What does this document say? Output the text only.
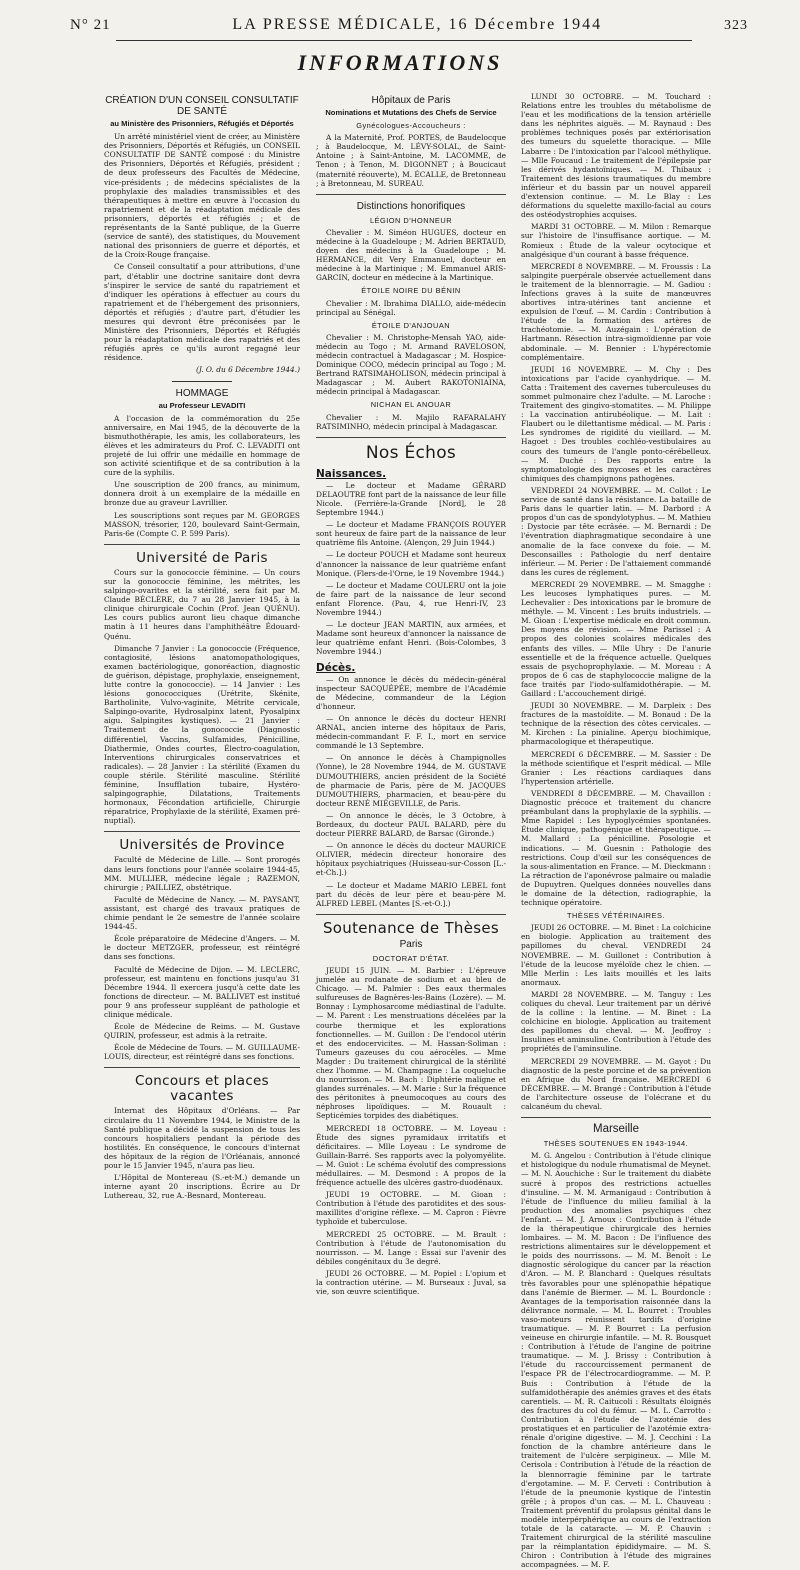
N° 21	LA PRESSE MÉDICALE, 16 Décembre 1944	323
INFORMATIONS
CRÉATION D'UN CONSEIL CONSULTATIF DE SANTÉ
au Ministère des Prisonniers, Réfugiés et Déportés

Un arrêté ministériel vient de créer, au Ministère des Prisonniers, Déportés et Réfugiés, un CONSEIL CONSULTATIF DE SANTÉ composé : du Ministre des Prisonniers, Déportés et Réfugiés, président ; de deux professeurs des Facultés de Médecine, vice-présidents ; de médecins spécialistes de la prophylaxie des maladies transmissibles et des thérapeutiques à mettre en œuvre à l'occasion du rapatriement et de la réadaptation médicale des prisonniers, déportés et réfugiés ; et de représentants de la Santé publique, de la Guerre (service de santé), des statistiques, du Mouvement national des prisonniers de guerre et déportés, et de la Croix-Rouge française.

Ce Conseil consultatif a pour attributions, d'une part, d'établir une doctrine sanitaire dont devra s'inspirer le service de santé du rapatriement et d'indiquer les opérations à effectuer au cours du rapatriement et de l'hébergement des prisonniers, déportés et réfugiés ; d'autre part, d'étudier les mesures qui devront être préconisées par le Ministère des Prisonniers, Déportés et Réfugiés pour la réadaptation médicale des rapatriés et des réfugiés après ce qu'ils auront regagné leur résidence.

(J. O. du 6 Décembre 1944.)

HOMMAGE
au Professeur LEVADITI

A l'occasion de la commémoration du 25e anniversaire, en Mai 1945, de la découverte de la bismuthothérapie, les amis, les collaborateurs, les élèves et les admirateurs du Prof. C. LEVADITI ont projeté de lui offrir une médaille en hommage de son activité scientifique et de sa contribution à la cure de la syphilis.

Une souscription de 200 francs, au minimum, donnera droit à un exemplaire de la médaille en bronze due au graveur Lavrillier.

Les souscriptions sont reçues par M. GEORGES MASSON, trésorier, 120, boulevard Saint-Germain, Paris-6e (Compte C. P. 599 Paris).

Université de Paris

Cours sur la gonococcie féminine. — Un cours sur la gonococcie féminine, les métrites, les salpingo-ovarites et la stérilité, sera fait par M. Claude BÉCLÈRE, du 7 au 28 Janvier 1945, à la clinique chirurgicale Cochin (Prof. Jean QUÉNU). Les cours publics auront lieu chaque dimanche matin à 11 heures dans l'amphithéâtre Édouard-Quénu.

Dimanche 7 Janvier : La gonococcie (Fréquence, contagiosité, lésions anatomopathologiques, examen bactériologique, gonoréaction, diagnostic de guérison, dépistage, prophylaxie, enseignement, lutte contre la gonococcie). — 14 Janvier : Les lésions gonococciques (Urétrite, Skénite, Bartholinite, Vulvo-vaginite, Métrite cervicale, Salpingo-ovarite, Hydrosalpinx latent, Pyosalpinx aigu. Salpingites kystiques). — 21 Janvier : Traitement de la gonococcie (Diagnostic différentiel, Vaccins, Sulfamides, Pénicilline, Diathermie, Ondes courtes, Électro-coagulation, Interventions chirurgicales conservatrices et radicales). — 28 Janvier : La stérilité (Examen du couple stérile. Stérilité masculine. Stérilité féminine, Insufflation tubaire, Hystéro-salpingographie, Dilatations, Traitements hormonaux, Fécondation artificielle, Chirurgie réparatrice, Prophylaxie de la stérilité, Examen pré-nuptial).

Universités de Province

Faculté de Médecine de Lille. — Sont prorogés dans leurs fonctions pour l'année scolaire 1944-45, MM. MULLIER, médecine légale ; RAZEMON, chirurgie ; PAILLIEZ, obstétrique.

Faculté de Médecine de Nancy. — M. PAYSANT, assistant, est chargé des travaux pratiques de chimie pendant le 2e semestre de l'année scolaire 1944-45.

École préparatoire de Médecine d'Angers. — M. le docteur METZGER, professeur, est réintégré dans ses fonctions.

Faculté de Médecine de Dijon. — M. LECLERC, professeur, est maintenu en fonctions jusqu'au 31 Décembre 1944. Il exercera jusqu'à cette date les fonctions de directeur. — M. BALLIVET est institué pour 9 ans professeur suppléant de pathologie et clinique médicale.

École de Médecine de Reims. — M. Gustave QUIRIN, professeur, est admis à la retraite.

École de Médecine de Tours. — M. GUILLAUME-LOUIS, directeur, est réintégré dans ses fonctions.

Concours et places vacantes

Internat des Hôpitaux d'Orléans. — Par circulaire du 11 Novembre 1944, le Ministre de la Santé publique a décidé la suspension de tous les concours hospitaliers pendant la période des hostilités. En conséquence, le concours d'internat des hôpitaux de la région de l'Orléanais, annoncé pour le 15 Janvier 1945, n'aura pas lieu.

L'Hôpital de Montereau (S.-et-M.) demande un interne ayant 20 inscriptions. Écrire au Dr Luthereau, 32, rue A.-Besnard, Montereau.

Hôpitaux de Paris
Nominations et Mutations des Chefs de Service
Gynécologues-Accoucheurs :

A la Maternité, Prof. PORTES, de Baudelocque ; à Baudelocque, M. LÉVY-SOLAL, de Saint-Antoine ; à Saint-Antoine, M. LACOMME, de Tenon ; à Tenon, M. DIGONNET ; à Boucicaut (maternité réouverte), M. ÉCALLE, de Bretonneau ; à Bretonneau, M. SUREAU.

Distinctions honorifiques
LÉGION D'HONNEUR

Chevalier : M. Siméon HUGUES, docteur en médecine à la Guadeloupe ; M. Adrien BERTAUD, doyen des médecins à la Guadeloupe ; M. HERMANCE, dit Very Emmanuel, docteur en médecine à la Martinique ; M. Emmanuel ARIS-GARCIN, docteur en médecine à la Martinique.

ÉTOILE NOIRE DU BÉNIN

Chevalier : M. Ibrahima DIALLO, aide-médecin principal au Sénégal.

ÉTOILE D'ANJOUAN

Chevalier : M. Christophe-Mensah YAO, aide-médecin au Togo ; M. Armand RAVELOSON, médecin contractuel à Madagascar ; M. Hospice-Dominique COCO, médecin principal au Togo ; M. Bertrand RATSIMAHOLISON, médecin principal à Madagascar ; M. Aubert RAKOTONIAINA, médecin principal à Madagascar.

NICHAN EL ANOUAR

Chevalier : M. Majilo RAFARALAHY RATSIMINHO, médecin principal à Madagascar.

Nos Échos
Naissances.

— Le docteur et Madame GÉRARD DELAOUTRE font part de la naissance de leur fille Nicole. (Ferrière-la-Grande [Nord], le 28 Septembre 1944.)

— Le docteur et Madame FRANÇOIS ROUYER sont heureux de faire part de la naissance de leur quatrième fils Antoine. (Alençon, 29 Juin 1944.)

— Le docteur POUCH et Madame sont heureux d'annoncer la naissance de leur quatrième enfant Monique. (Flers-de-l'Orne, le 19 Novembre 1944.)

— Le docteur et Madame COULERU ont la joie de faire part de la naissance de leur second enfant Florence. (Pau, 4, rue Henri-IV, 23 Novembre 1944.)

— Le docteur JEAN MARTIN, aux armées, et Madame sont heureux d'annoncer la naissance de leur quatrième enfant Henri. (Bois-Colombes, 3 Novembre 1944.)

Décès.

— On annonce le décès du médecin-général inspecteur SACQUÉPÉE, membre de l'Académie de Médecine, commandeur de la Légion d'honneur.

— On annonce le décès du docteur HENRI ARNAL, ancien interne des hôpitaux de Paris, médecin-commandant F. F. I., mort en service commandé le 13 Septembre.

— On annonce le décès à Champignolles (Yonne), le 28 Novembre 1944, de M. GUSTAVE DUMOUTHIERS, ancien président de la Société de pharmacie de Paris, père de M. JACQUES DUMOUTHIERS, pharmacien, et beau-père du docteur RENÉ MIÉGEVILLE, de Paris.

— On annonce le décès, le 3 Octobre, à Bordeaux, du docteur PAUL BALARD, père du docteur PIERRE BALARD, de Barsac (Gironde.)

— On annonce le décès du docteur MAURICE OLIVIER, médecin directeur honoraire des hôpitaux psychiatriques (Huisseau-sur-Cosson [L.-et-Ch.].)

— Le docteur et Madame MARIO LEBEL font part du décès de leur père et beau-père M. ALFRED LEBEL (Mantes [S.-et-O.].)

Soutenance de Thèses
Paris
DOCTORAT D'ÉTAT.

JEUDI 15 JUIN. — M. Barbier : L'épreuve jumelée au rodanate de sodium et au bleu de Chicago. — M. Palmier : Des eaux thermales sulfureuses de Bagnères-les-Bains (Lozère). — M. Bonnay : Lymphosarcome médiastinal de l'adulte. — M. Parent : Les menstruations décelées par la courbe thermique et les explorations fonctionnelles. — M. Guillon : De l'endocol utérin et des endocervicites. — M. Hassan-Soliman : Tumeurs gazeuses du cou aérocèles. — Mme Magder : Du traitement chirurgical de la stérilité chez l'homme. — M. Champagne : La coqueluche du nourrisson. — M. Bach : Diphtérie maligne et glandes surrénales. — M. Marie : Sur la fréquence des péritonites à pneumocoques au cours des néphroses lipoïdiques. — M. Rouault : Septicémies torpides des diabétiques.

MERCREDI 18 OCTOBRE. — M. Loyeau : Étude des signes pyramidaux irritatifs et déficitaires. — Mlle Loyeau : Le syndrome de Guillain-Barré. Ses rapports avec la polyomyélite. — M. Guiot : Le schéma évolutif des compressions médullaires. — M. Desmond : A propos de la fréquence actuelle des ulcères gastro-duodénaux.

JEUDI 19 OCTOBRE. — M. Gioan : Contribution à l'étude des parotidites et des sous-maxillites d'origine réflexe. — M. Capron : Fièvre typhoïde et tuberculose.

MERCREDI 25 OCTOBRE. — M. Brault : Contribution à l'étude de l'autonomisation du nourrisson. — M. Lange : Essai sur l'avenir des débiles congénitaux du 3e degré.

JEUDI 26 OCTOBRE. — M. Popiel : L'opium et la contraction utérine. — M. Burseaux : Juval, sa vie, son œuvre scientifique.

LUNDI 30 OCTOBRE. — M. Touchard : Relations entre les troubles du métabolisme de l'eau et les modifications de la tension artérielle dans les néphrites aiguës. — M. Raynaud : Des problèmes techniques posés par extériorisation des tumeurs du squelette thoracique. — Mlle Labarre : De l'intoxication par l'alcool méthylique. — Mlle Foucaud : Le traitement de l'épilepsie par les dérivés hydantoïniques. — M. Thibaux : Traitement des lésions traumatiques du membre inférieur et du bassin par un nouvel appareil d'extension continue. — M. Le Blay : Les déformations du squelette maxillo-facial au cours des ostéodystrophies acquises.

MARDI 31 OCTOBRE. — M. Milon : Remarque sur l'histoire de l'insuffisance aortique. — M. Romieux : Étude de la valeur ocytocique et analgésique d'un courant à basse fréquence.

MERCREDI 8 NOVEMBRE. — M. Froussis : La salpingite puerpérale observée actuellement dans le traitement de la blennorragie. — M. Gadiou : Infections graves à la suite de manœuvres abortives intra-utérines tant ancienne et expulsion de l'œuf. — M. Cardin : Contribution à l'étude de la formation des artères de trachéotomie. — M. Auzégain : L'opération de Hartmann. Résection intra-sigmoïdienne par voie abdominale. — M. Bennier : L'hypérectomie complémentaire.

JEUDI 16 NOVEMBRE. — M. Chy : Des intoxications par l'acide cyanhydrique. — M. Catta : Traitement des cavernes tuberculeuses du sommet pulmonaire chez l'adulte. — M. Laroche : Traitement des gingivo-stomatites. — M. Philippe : La vaccination antirubéolique. — M. Lait : Flaubert ou le dilettantisme médical. — M. Paris : Les syndromes de rigidité du vieillard. — M. Hagoet : Des troubles cochléo-vestibulaires au cours des tumeurs de l'angle ponto-cérébelleux. — M. Duché : Des rapports entre la symptomatologie des mycoses et les caractères chimiques des champignons pathogènes.

VENDREDI 24 NOVEMBRE. — M. Collot : Le service de santé dans la résistance. La bataille de Paris dans le quartier latin. — M. Darbord : A propos d'un cas de spondylotyphus. — M. Mathieu : Dystocie par tête ecrâsée. — M. Bernardi : De l'éventration diaphragmatique secondaire à une anomalie de la face convexe du foie. — M. Desconsailles : Pathologie du nerf dentaire inférieur. — M. Perier : De l'attaiement commandé dans les cures de réglement.

MERCREDI 29 NOVEMBRE. — M. Smagghe : Les leucoses lymphatiques pures. — M. Lechevalier : Des intoxications par le bromure de méthyle. — M. Vincent : Les bruits industriels. — M. Gioan : L'expertise médicale en droit commun. Des moyens de révision. — Mme Parissel : A propos des colonies scolaires médicales des enfants des villes. — Mlle Uhry : De l'anurie essentielle et de la fréquence actuelle. Quelques essais de psychoprophylaxie. — M. Moreau : A propos de 6 cas de staphylococcie maligne de la face traités par l'iodo-sulfamidothérapie. — M. Gaillard : L'accouchement dirigé.

JEUDI 30 NOVEMBRE. — M. Darpleix : Des fractures de la mastoïdite. — M. Bonaud : De la technique de la résection des côtes cervicales. — M. Kirchen : La pinialine. Aperçu biochimique, pharmacologique et thérapeutique.

MERCREDI 6 DÉCEMBRE. — M. Sassier : De la méthode scientifique et l'esprit médical. — Mlle Granier : Les réactions cardiaques dans l'hypertension artérielle.

VENDREDI 8 DÉCEMBRE. — M. Chavaillon : Diagnostic précoce et traitement du chancre préambulant dans la prophylaxie de la syphilis. — Mme Rapidel : Les hypoglycémies spontanées. Étude clinique, pathogénique et thérapeutique. — M. Mallard : La pénicilline. Posologie et indications. — M. Guesnin : Pathologie des restrictions. Coup d'œil sur les conséquences de la sous-alimentation en France. — M. Dieckmann : La rétraction de l'aponévrose palmaire ou maladie de Dupuytren. Quelques données nouvelles dans le domaine de la détection, radiographie, la technique opératoire.

THÈSES VÉTÉRINAIRES.

JEUDI 26 OCTOBRE. — M. Binet : La colchicine en biologie. Application au traitement des papillomes du cheval. VENDREDI 24 NOVEMBRE. — M. Guillonet : Contribution à l'étude de la leucose myéloïde chez le chien. — Mlle Merlin : Les laits mouillés et les laits anormaux.

MARDI 28 NOVEMBRE. — M. Tanguy : Les coliques du cheval. Leur traitement par un dérivé de la colline : la lentine. — M. Binet : La colchicine en biologie. Application au traitement des papillomes du cheval. — M. Jeoffroy : Insulines et aminsuline. Contribution à l'étude des propriétés de l'aminsuline.

MERCREDI 29 NOVEMBRE. — M. Gayot : Du diagnostic de la peste porcine et de sa prévention en Afrique du Nord française. MERCREDI 6 DÉCEMBRE. — M. Brangé : Contribution à l'étude de l'architecture osseuse de l'olécrane et du calcanéum du cheval.

Marseille
THÈSES SOUTENUES EN 1943-1944.

M. G. Angelou : Contribution à l'étude clinique et histologique du nodule rhumatismal de Meynet. — M. N. Aouchiche : Sur le traitement du diabète sucré à propos des restrictions actuelles d'insuline. — M. M. Armanigaud : Contribution à l'étude de l'influence du milieu familial à la production des anomalies psychiques chez l'enfant. — M. J. Arnoux : Contribution à l'étude de la thérapeutique chirurgicale des hernies lombaires. — M. M. Bacon : De l'influence des restrictions alimentaires sur le développement et le poids des nourrissons. — M. M. Benoît : Le diagnostic sérologique du cancer par la réaction d'Aron. — M. P. Blanchard : Quelques résultats très favorables pour une splénopathie hépatique dans l'anémie de Biermer. — M. L. Bourdoncle : Avantages de la temporisation raisonnée dans la délivrance normale. — M. L. Bourret : Troubles vaso-moteurs réunissent tardifs d'origine traumatique. — M. P. Bourret : La perfusion veineuse en chirurgie infantile. — M. R. Bousquet : Contribution à l'étude de l'angine de poitrine traumatique. — M. J. Brissy : Contribution à l'étude du raccourcissement permanent de l'espace PR de l'électrocardiogramme. — M. P. Buis : Contribution à l'étude de la sulfamidothérapie des anémies graves et des états carentiels. — M. R. Caitucoli : Résultats éloignés des fractures du col du fémur. — M. L. Carrotto : Contribution à l'étude de l'azotémie des prostatiques et en particulier de l'azotémie extra-rénale d'origine digestive. — M. J. Cecchini : La fonction de la chambre antérieure dans le traitement de l'ulcère serpigineux. — Mlle M. Cerisola : Contribution à l'étude de la réaction de la blennorragie féminine par le tartrate d'ergotamine. — M. F. Cerveti : Contribution à l'étude de la pneumonie kystique de l'intestin grêle ; à propos d'un cas. — M. L. Chauveau : Traitement préventif du prolapsus génital dans le modèle interpérphérique au cours de l'extraction totale de la cataracte. — M. P. Chauvin : Traitement chirurgical de la stérilité masculine par la réimplantation épididymaire. — M. S. Chiron : Contribution à l'étude des migraines accompagnées. — M. F.
